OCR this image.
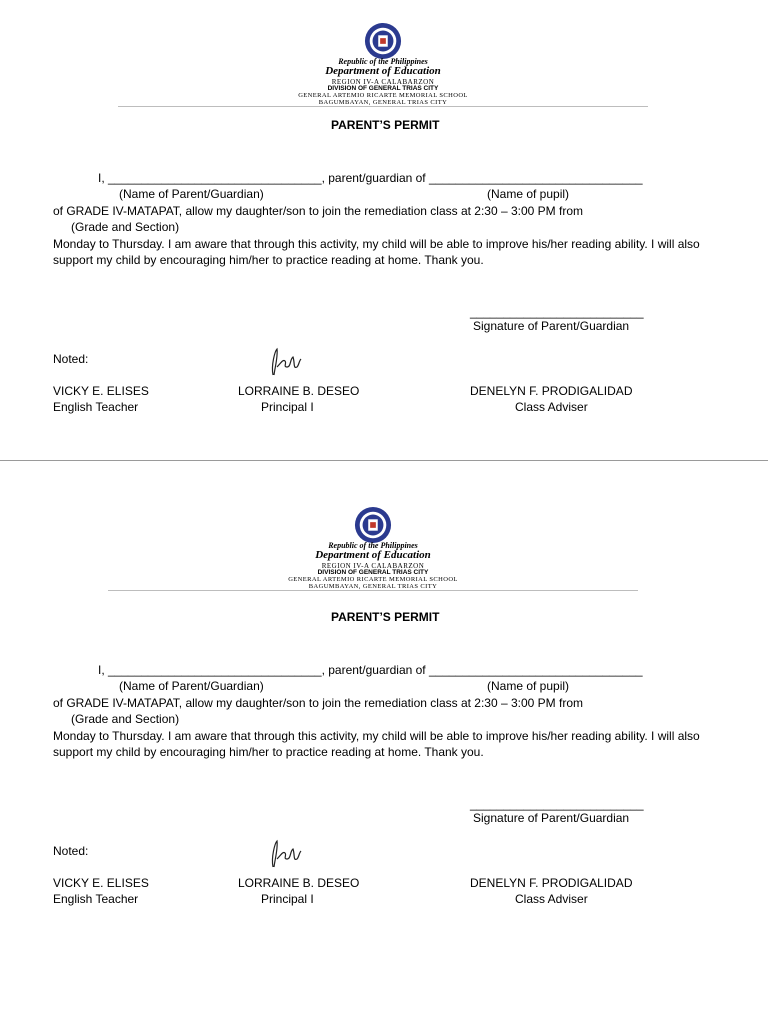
Republic of the Philippines
Department of Education
REGION IV-A CALABARZON
DIVISION OF GENERAL TRIAS CITY
GENERAL ARTEMIO RICARTE MEMORIAL SCHOOL
BAGUMBAYAN, GENERAL TRIAS CITY
PARENT’S PERMIT
I, ________________________________, parent/guardian of ________________________________
(Name of Parent/Guardian)	(Name of pupil)
of GRADE IV-MATAPAT, allow my daughter/son to join the remediation class at 2:30 – 3:00 PM from
(Grade and Section)
Monday to Thursday. I am aware that through this activity, my child will be able to improve his/her reading ability. I will also support my child by encouraging him/her to practice reading at home. Thank you.
__________________________
Signature of Parent/Guardian
Noted:
VICKY E. ELISES
English Teacher
LORRAINE B. DESEO
Principal I
DENELYN F. PRODIGALIDAD
Class Adviser
Republic of the Philippines
Department of Education
REGION IV-A CALABARZON
DIVISION OF GENERAL TRIAS CITY
GENERAL ARTEMIO RICARTE MEMORIAL SCHOOL
BAGUMBAYAN, GENERAL TRIAS CITY
PARENT’S PERMIT
I, ________________________________, parent/guardian of ________________________________
(Name of Parent/Guardian)	(Name of pupil)
of GRADE IV-MATAPAT, allow my daughter/son to join the remediation class at 2:30 – 3:00 PM from
(Grade and Section)
Monday to Thursday. I am aware that through this activity, my child will be able to improve his/her reading ability. I will also support my child by encouraging him/her to practice reading at home. Thank you.
__________________________
Signature of Parent/Guardian
Noted:
VICKY E. ELISES
English Teacher
LORRAINE B. DESEO
Principal I
DENELYN F. PRODIGALIDAD
Class Adviser
